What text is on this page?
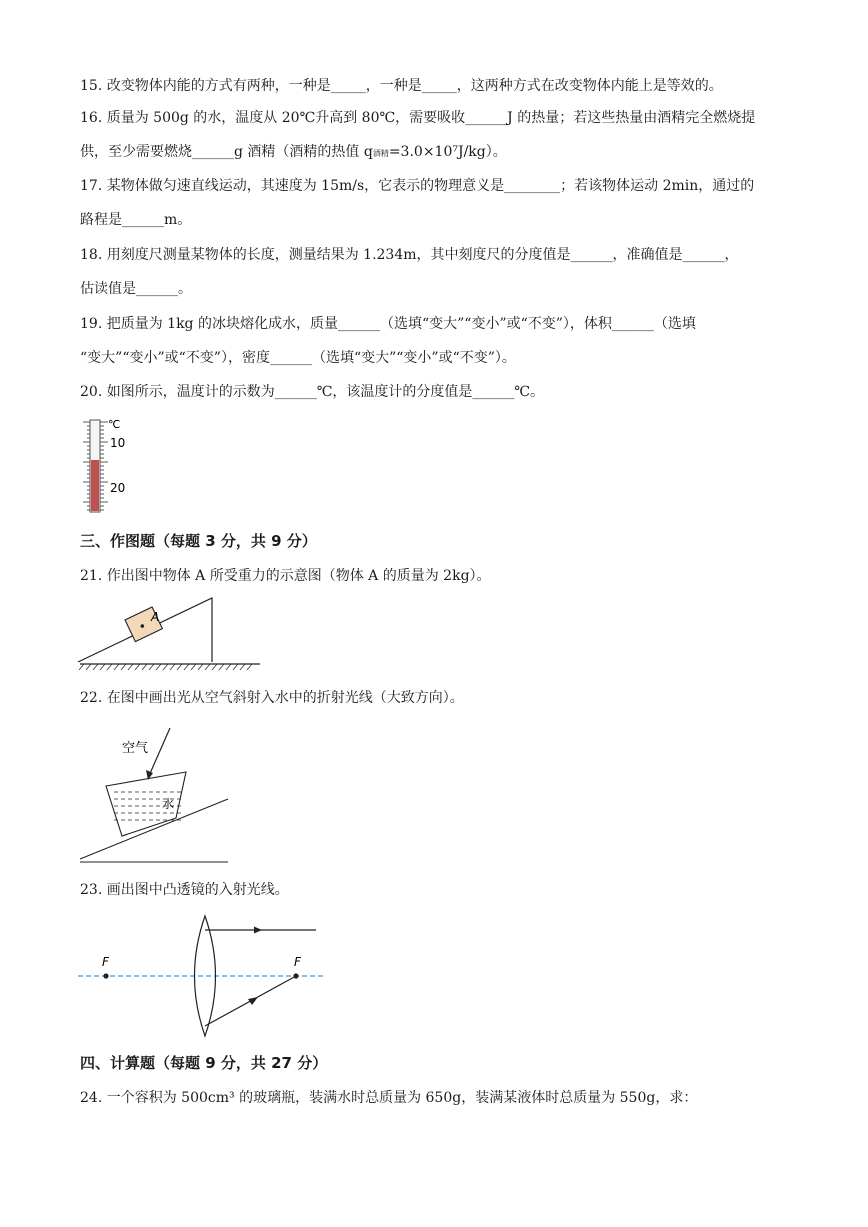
15. 改变物体内能的方式有两种，一种是_____，一种是_____，这两种方式在改变物体内能上是等效的。
16. 质量为 500g 的水，温度从 20℃升高到 80℃，需要吸收______J 的热量；若这些热量由酒精完全燃烧提
供，至少需要燃烧______g 酒精（酒精的热值 q酒精=3.0×10⁷J/kg）。
17. 某物体做匀速直线运动，其速度为 15m/s，它表示的物理意义是________；若该物体运动 2min，通过的
路程是______m。
18. 用刻度尺测量某物体的长度，测量结果为 1.234m，其中刻度尺的分度值是______，准确值是______，
估读值是______。
19. 把质量为 1kg 的冰块熔化成水，质量______（选填“变大”“变小”或“不变”），体积______（选填
“变大”“变小”或“不变”），密度______（选填“变大”“变小”或“不变”）。
20. 如图所示，温度计的示数为______℃，该温度计的分度值是______℃。
℃
10
20
三、作图题（每题 3 分，共 9 分）
21. 作出图中物体 A 所受重力的示意图（物体 A 的质量为 2kg）。
A
22. 在图中画出光从空气斜射入水中的折射光线（大致方向）。
空气
水
23. 画出图中凸透镜的入射光线。
F	F
四、计算题（每题 9 分，共 27 分）
24. 一个容积为 500cm³ 的玻璃瓶，装满水时总质量为 650g，装满某液体时总质量为 550g，求：
